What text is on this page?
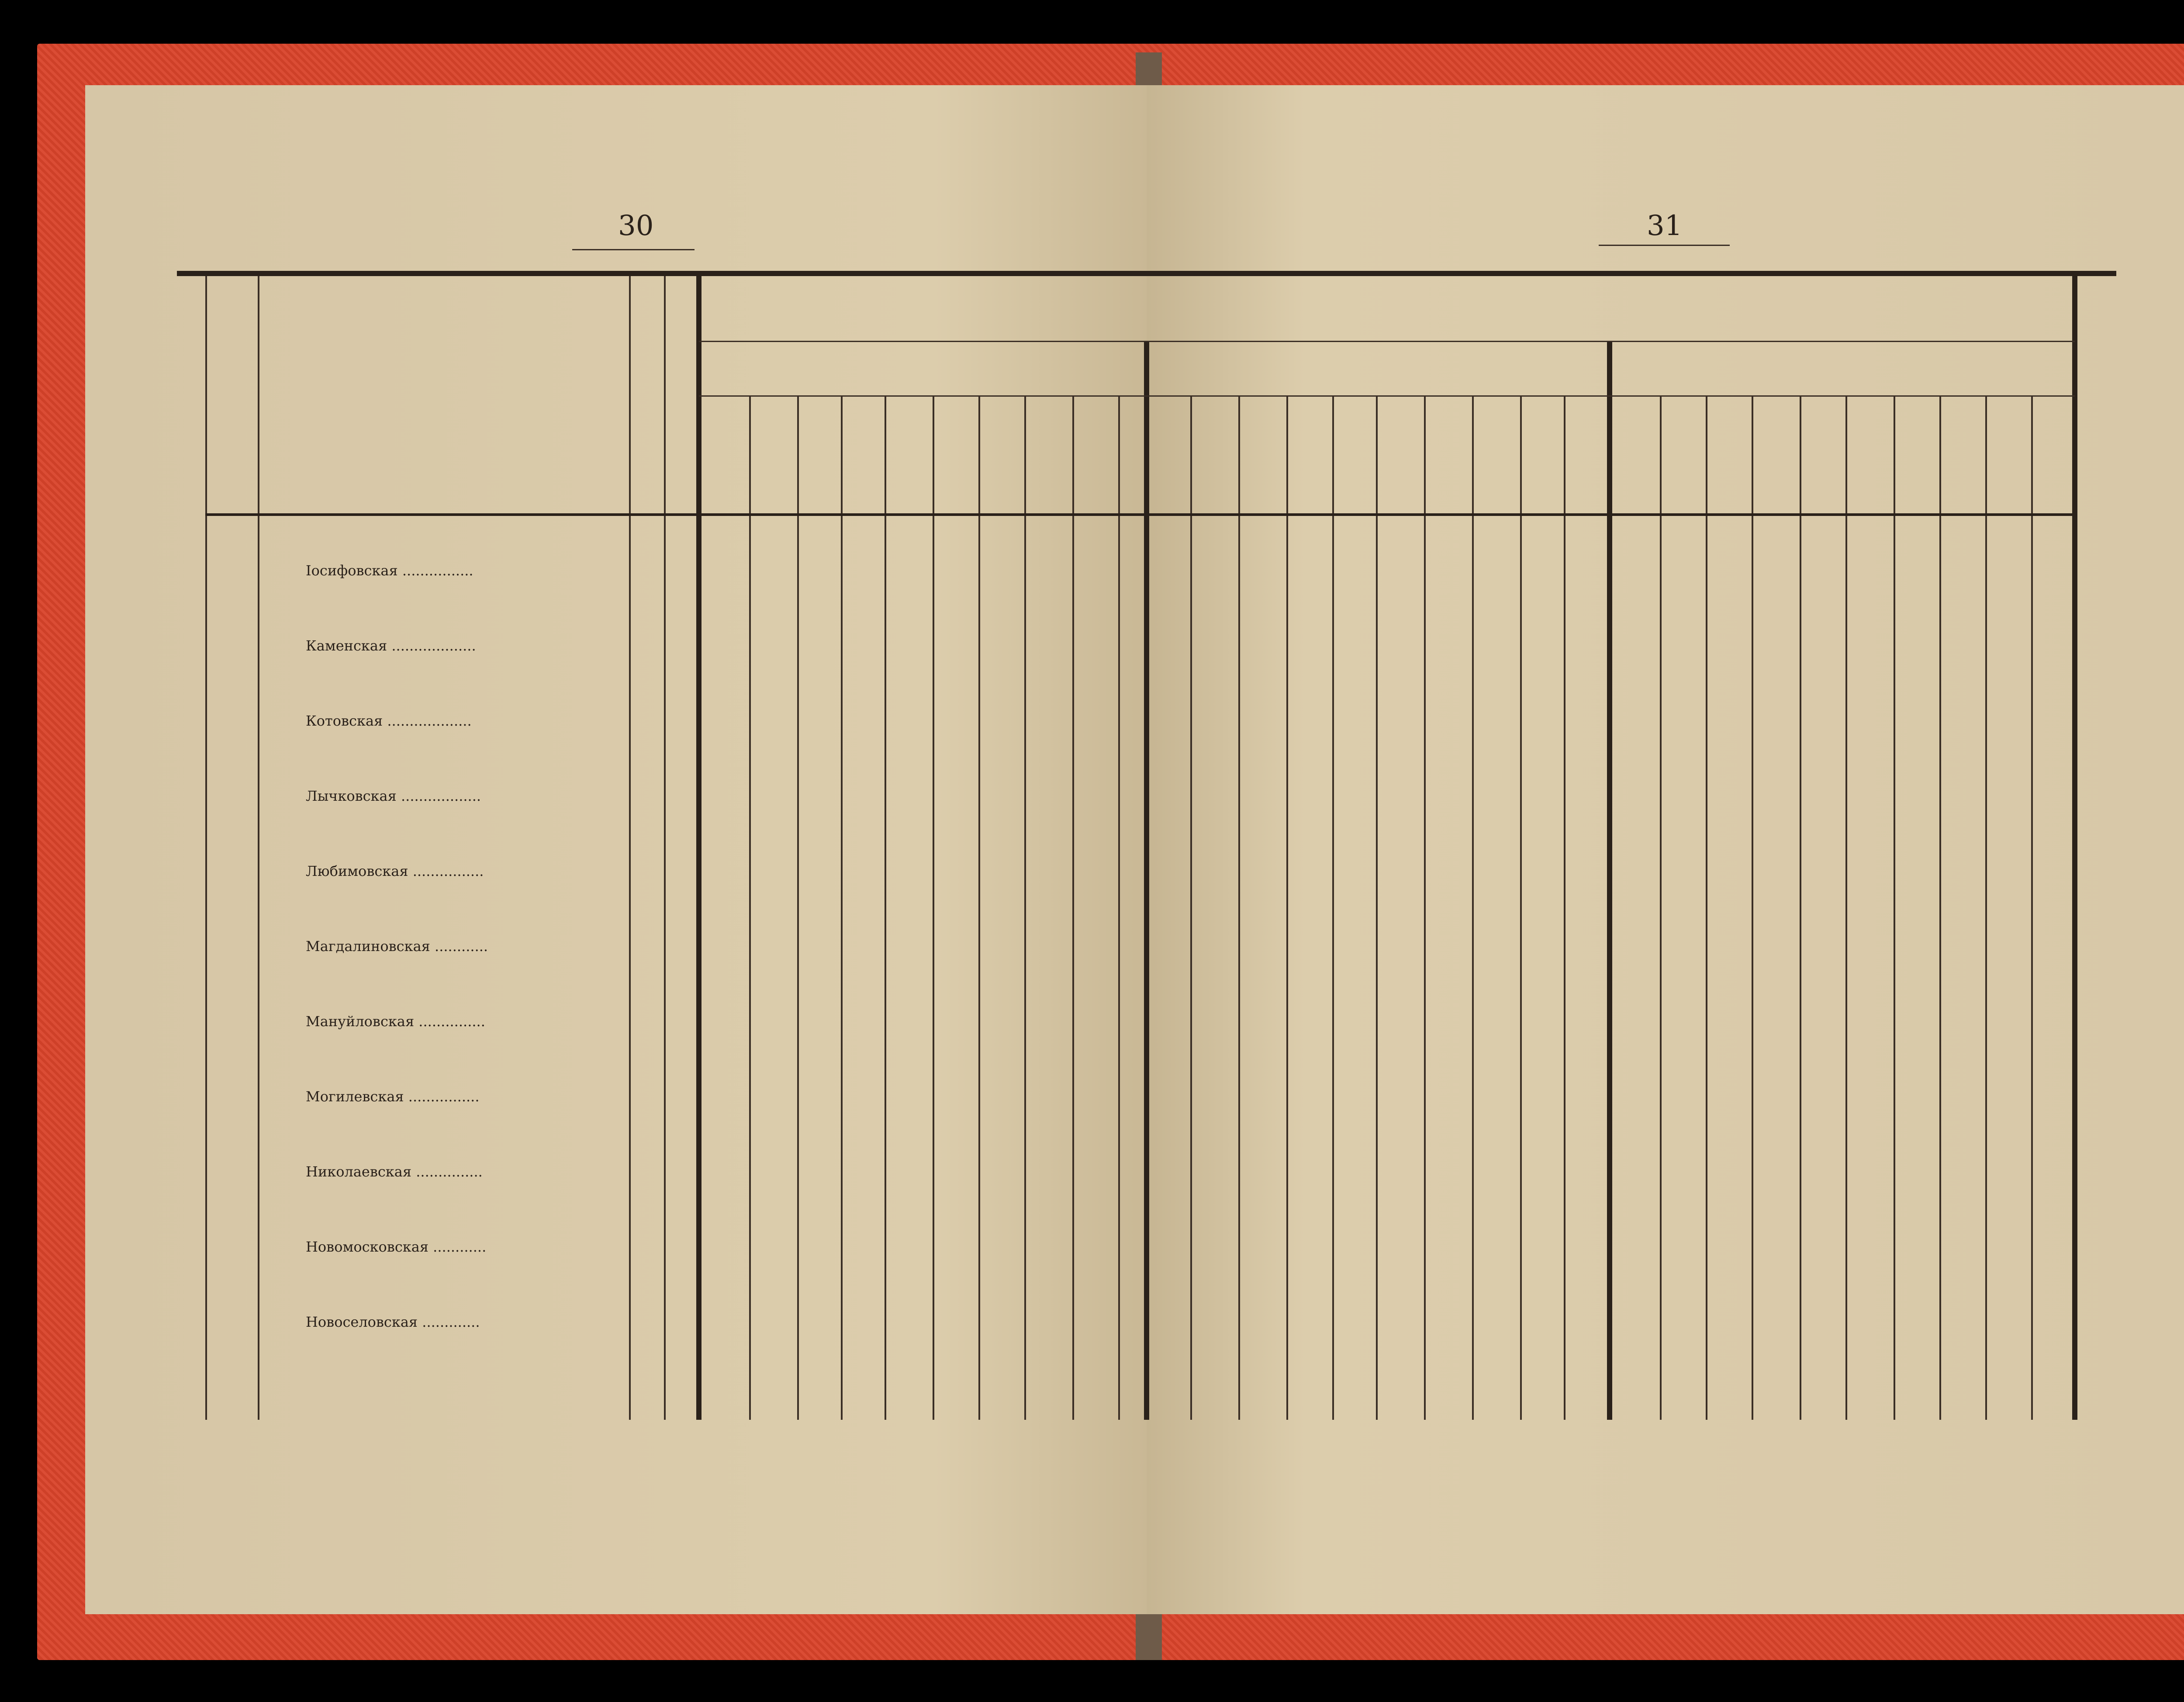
30	31
Іосифовская ................
Каменская ...................
Котовская ...................
Лычковская ..................
Любимовская ................
Магдалиновская ............
Мануйловская ...............
Могилевская ................
Николаевская ...............
Новомосковская ............
Новоселовская .............
